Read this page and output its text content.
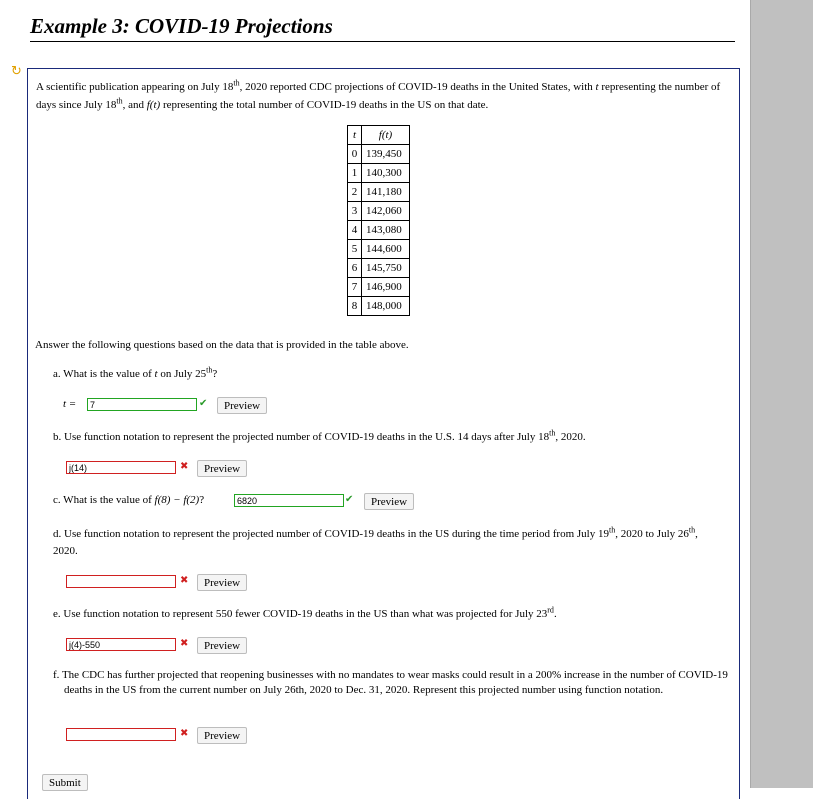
Example 3: COVID-19 Projections
↻
A scientific publication appearing on July 18th, 2020 reported CDC projections of COVID-19 deaths in the United States, with t representing the number of days since July 18th, and f(t) representing the total number of COVID-19 deaths in the US on that date.
t	f(t)
0	139,450
1	140,300
2	141,180
3	142,060
4	143,080
5	144,600
6	145,750
7	146,900
8	148,000
Answer the following questions based on the data that is provided in the table above.
a. What is the value of t on July 25th?
t =
7	✔	Preview
b. Use function notation to represent the projected number of COVID-19 deaths in the U.S. 14 days after July 18th, 2020.
j(14)
✖	Preview
c. What is the value of f(8) − f(2)?
6820	✔	Preview
d. Use function notation to represent the projected number of COVID-19 deaths in the US during the time period from July 19th, 2020 to July 26th, 2020.
✖	Preview
e. Use function notation to represent 550 fewer COVID-19 deaths in the US than what was projected for July 23rd.
j(4)-550
✖	Preview
f. The CDC has further projected that reopening businesses with no mandates to wear masks could result in a 200% increase in the number of COVID-19 deaths in the US from the current number on July 26th, 2020 to Dec. 31, 2020. Represent this projected number using function notation.
✖	Preview
Submit
